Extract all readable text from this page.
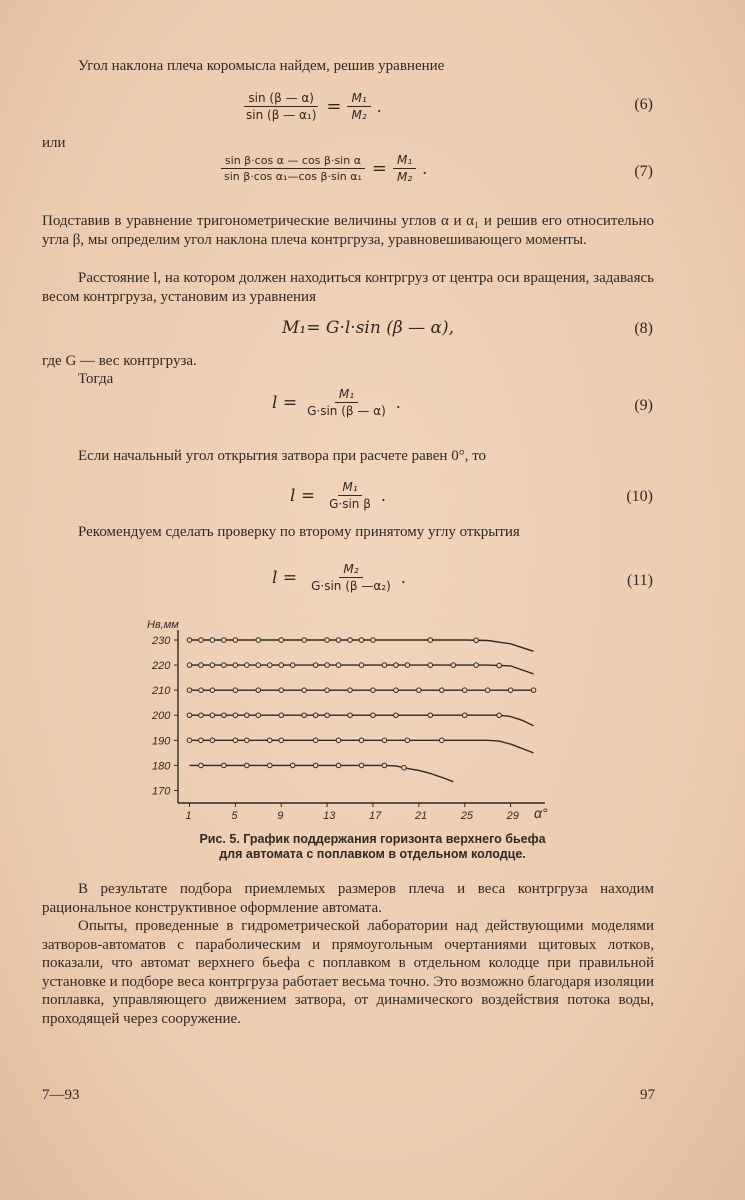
Угол наклона плеча коромысла найдем, решив уравнение
$\frac{\sin (\beta — \alpha)}{\text{sin (β — α₁)}} = \frac{\text{M₁}}{\text{M₂}}$ .	(6)
или
$\frac{\text{sin β·cos α — cos β·sin α}}{\text{sin β·cos α₁—cos β·sin α₁}} = \frac{\text{M₁}}{\text{M₂}}$ .	(7)

Подставив в уравнение тригонометрические величины углов α и α₁ и решив его относительно угла β, мы определим угол наклона плеча контргруза, уравновешивающего моменты.

Расстояние l, на котором должен находиться контргруз от центра оси вращения, задаваясь весом контргруза, установим из уравнения

M₁= G·l·sin (β — α),	(8)
где G — вес контргруза.
Тогда
$l = \frac{\text{M₁}}{G\cdot\sin (\beta — \alpha)}$ .	(9)
Если начальный угол открытия затвора при расчете равен 0°, то
$l = \frac{\text{M₁}}{\text{G·sin β}}$ .	(10)

Рекомендуем сделать проверку по второму принятому углу открытия

$l = \frac{\text{M₂}}{\text{G·sin (β —α₂)}}$ .	(11)
Hв,мм
α°
230
220
210
200
190
180
170
1	5	9	13	17	21	25	29
Рис. 5. График поддержания горизонта верхнего бьефа
для автомата с поплавком в отдельном колодце.

В результате подбора приемлемых размеров плеча и веса контргруза находим рациональное конструктивное оформление автомата.

Опыты, проведенные в гидрометрической лаборатории над действующими моделями затворов-автоматов с параболическим и прямоугольным очертаниями щитовых лотков, показали, что автомат верхнего бьефа с поплавком в отдельном колодце при правильной установке и подборе веса контргруза работает весьма точно. Это возможно благодаря изоляции поплавка, управляющего движением затвора, от динамического воздействия потока воды, проходящей через сооружение.

7—93	97
